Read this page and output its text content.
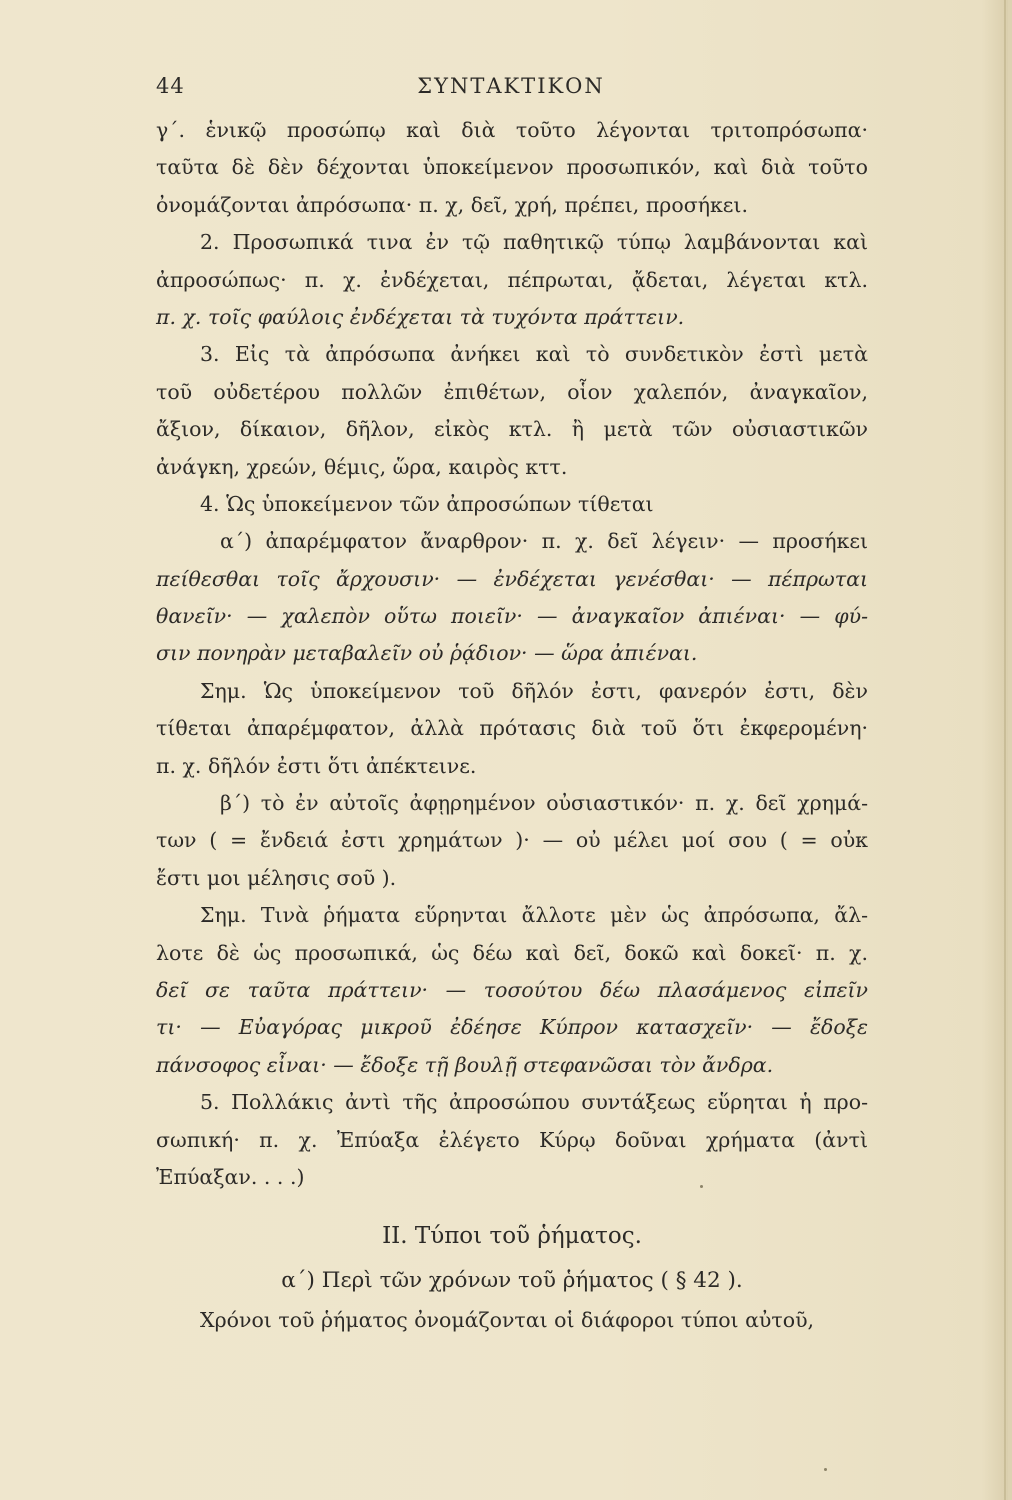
44	ΣΥΝΤΑΚΤΙΚΟΝ
γ΄. ἑνικῷ προσώπῳ καὶ διὰ τοῦτο λέγονται τριτοπρόσωπα·
ταῦτα δὲ δὲν δέχονται ὑποκείμενον προσωπικόν, καὶ διὰ τοῦτο
ὀνομάζονται ἀπρόσωπα· π. χ, δεῖ, χρή, πρέπει, προσήκει.
2. Προσωπικά τινα ἐν τῷ παθητικῷ τύπῳ λαμβάνονται καὶ
ἀπροσώπως· π. χ. ἐνδέχεται, πέπρωται, ᾄδεται, λέγεται κτλ.
π. χ. τοῖς φαύλοις ἐνδέχεται τὰ τυχόντα πράττειν.
3. Εἰς τὰ ἀπρόσωπα ἀνήκει καὶ τὸ συνδετικὸν ἐστὶ μετὰ
τοῦ οὐδετέρου πολλῶν ἐπιθέτων, οἷον χαλεπόν, ἀναγκαῖον,
ἄξιον, δίκαιον, δῆλον, εἰκὸς κτλ. ἢ μετὰ τῶν οὐσιαστικῶν
ἀνάγκη, χρεών, θέμις, ὥρα, καιρὸς κττ.
4. Ὡς ὑποκείμενον τῶν ἀπροσώπων τίθεται
α΄) ἀπαρέμφατον ἄναρθρον· π. χ. δεῖ λέγειν· — προσήκει
πείθεσθαι τοῖς ἄρχουσιν· — ἐνδέχεται γενέσθαι· — πέπρωται
θανεῖν· — χαλεπὸν οὕτω ποιεῖν· — ἀναγκαῖον ἀπιέναι· — φύ-
σιν πονηρὰν μεταβαλεῖν οὐ ῥᾴδιον· — ὥρα ἀπιέναι.
Σημ. Ὡς ὑποκείμενον τοῦ δῆλόν ἐστι, φανερόν ἐστι, δὲν
τίθεται ἀπαρέμφατον, ἀλλὰ πρότασις διὰ τοῦ ὅτι ἐκφερομένη·
π. χ. δῆλόν ἐστι ὅτι ἀπέκτεινε.
β΄) τὸ ἐν αὐτοῖς ἀφῃρημένον οὐσιαστικόν· π. χ. δεῖ χρημά-
των ( = ἔνδειά ἐστι χρημάτων )· — οὐ μέλει μοί σου ( = οὐκ
ἔστι μοι μέλησις σοῦ ).
Σημ. Τινὰ ῥήματα εὕρηνται ἄλλοτε μὲν ὡς ἀπρόσωπα, ἄλ-
λοτε δὲ ὡς προσωπικά, ὡς δέω καὶ δεῖ, δοκῶ καὶ δοκεῖ· π. χ.
δεῖ σε ταῦτα πράττειν· — τοσούτου δέω πλασάμενος εἰπεῖν
τι· — Εὐαγόρας μικροῦ ἐδέησε Κύπρον κατασχεῖν· — ἔδοξε
πάνσοφος εἶναι· — ἔδοξε τῇ βουλῇ στεφανῶσαι τὸν ἄνδρα.
5. Πολλάκις ἀντὶ τῆς ἀπροσώπου συντάξεως εὕρηται ἡ προ-
σωπική· π. χ. Ἐπύαξα ἐλέγετο Κύρῳ δοῦναι χρήματα (ἀντὶ
Ἐπύαξαν. . . .)
II. Τύποι τοῦ ῥήματος.
α΄) Περὶ τῶν χρόνων τοῦ ῥήματος ( § 42 ).
Χρόνοι τοῦ ῥήματος ὀνομάζονται οἱ διάφοροι τύποι αὐτοῦ,
